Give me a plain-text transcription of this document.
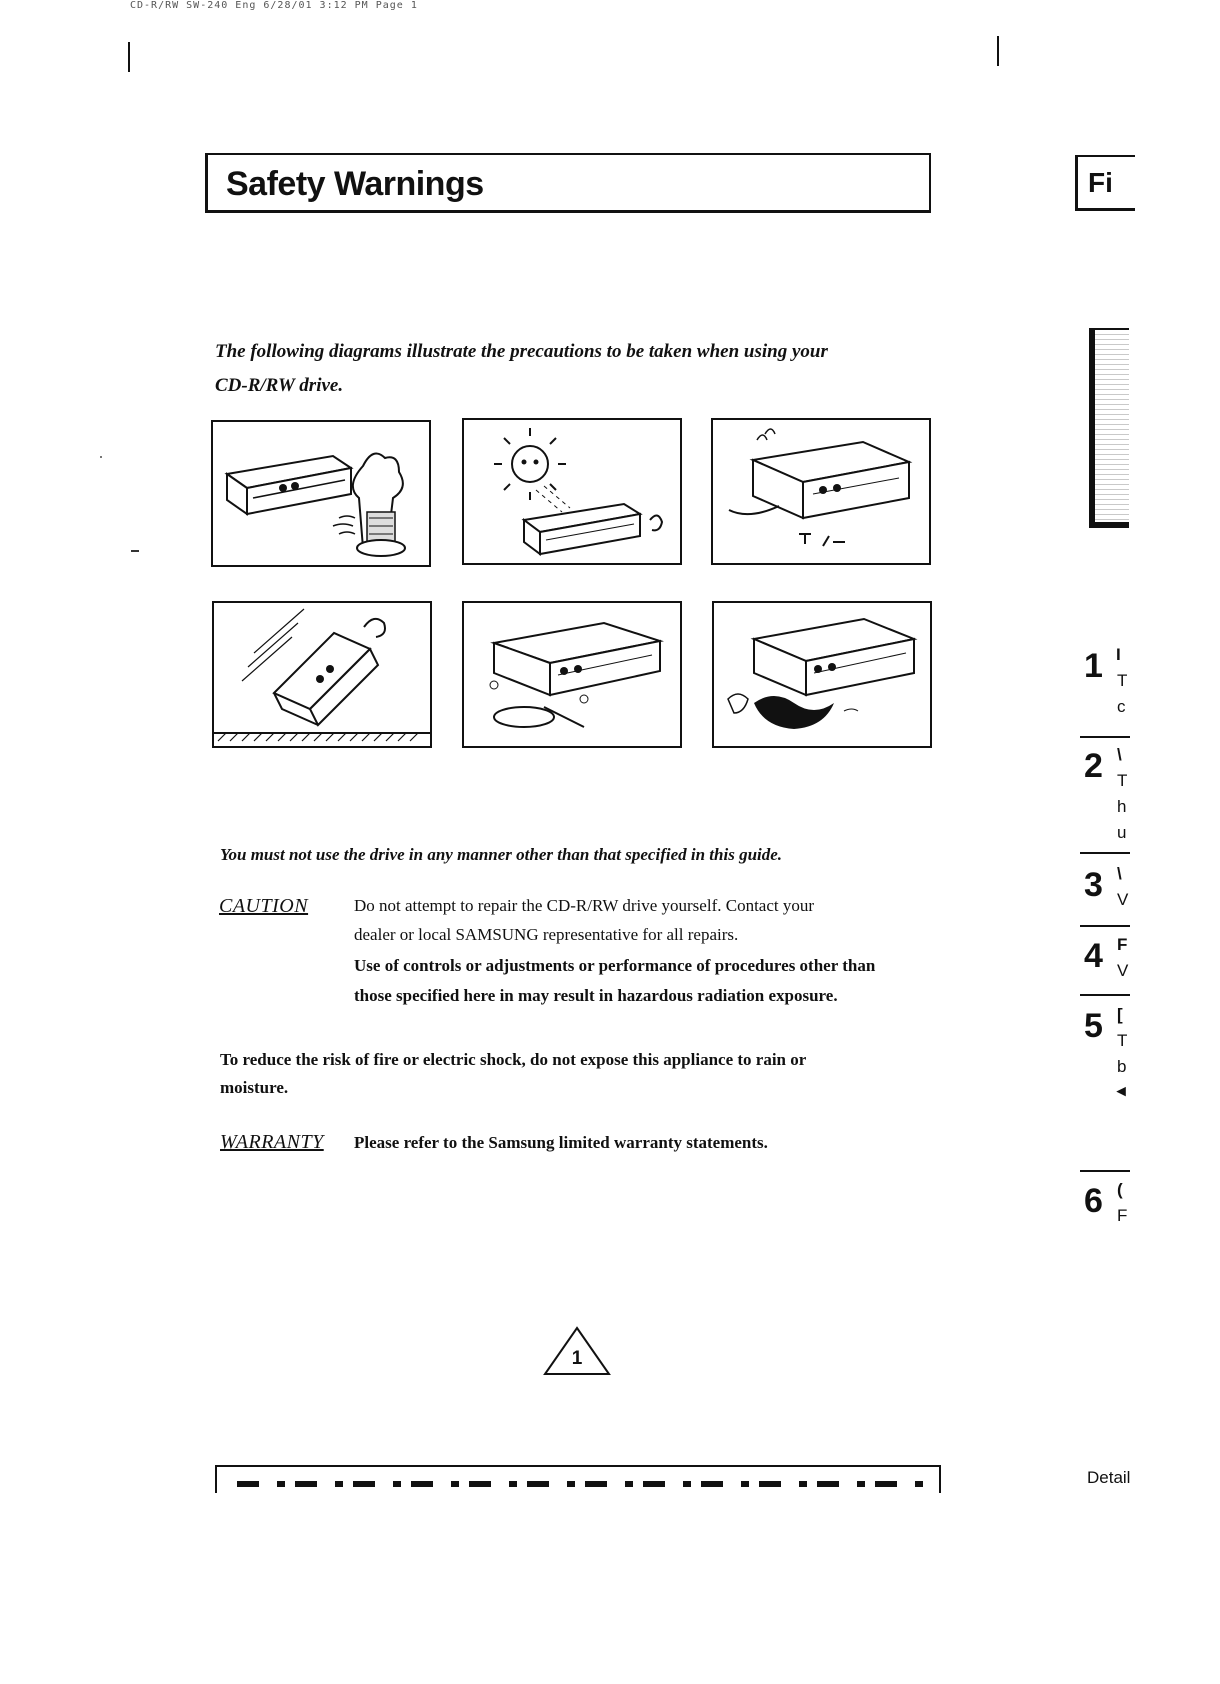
CD-R/RW SW-240 Eng 6/28/01 3:12 PM Page 1
Safety Warnings	Fi
The following diagrams illustrate the precautions to be taken when using your
CD-R/RW drive.
You must not use the drive in any manner other than that specified in this guide.
CAUTION	Do not attempt to repair the CD-R/RW drive yourself. Contact your
dealer or local SAMSUNG representative for all repairs.
Use of controls or adjustments or performance of procedures other than
those specified here in may result in hazardous radiation exposure.
To reduce the risk of fire or electric shock, do not expose this appliance to rain or
moisture.
WARRANTY Please refer to the Samsung limited warranty statements.
1
1 I
T
c
2 \
T
h
u
3 \
V
4 F
V
5 [
T
b
◂
6 (
F
Detail
